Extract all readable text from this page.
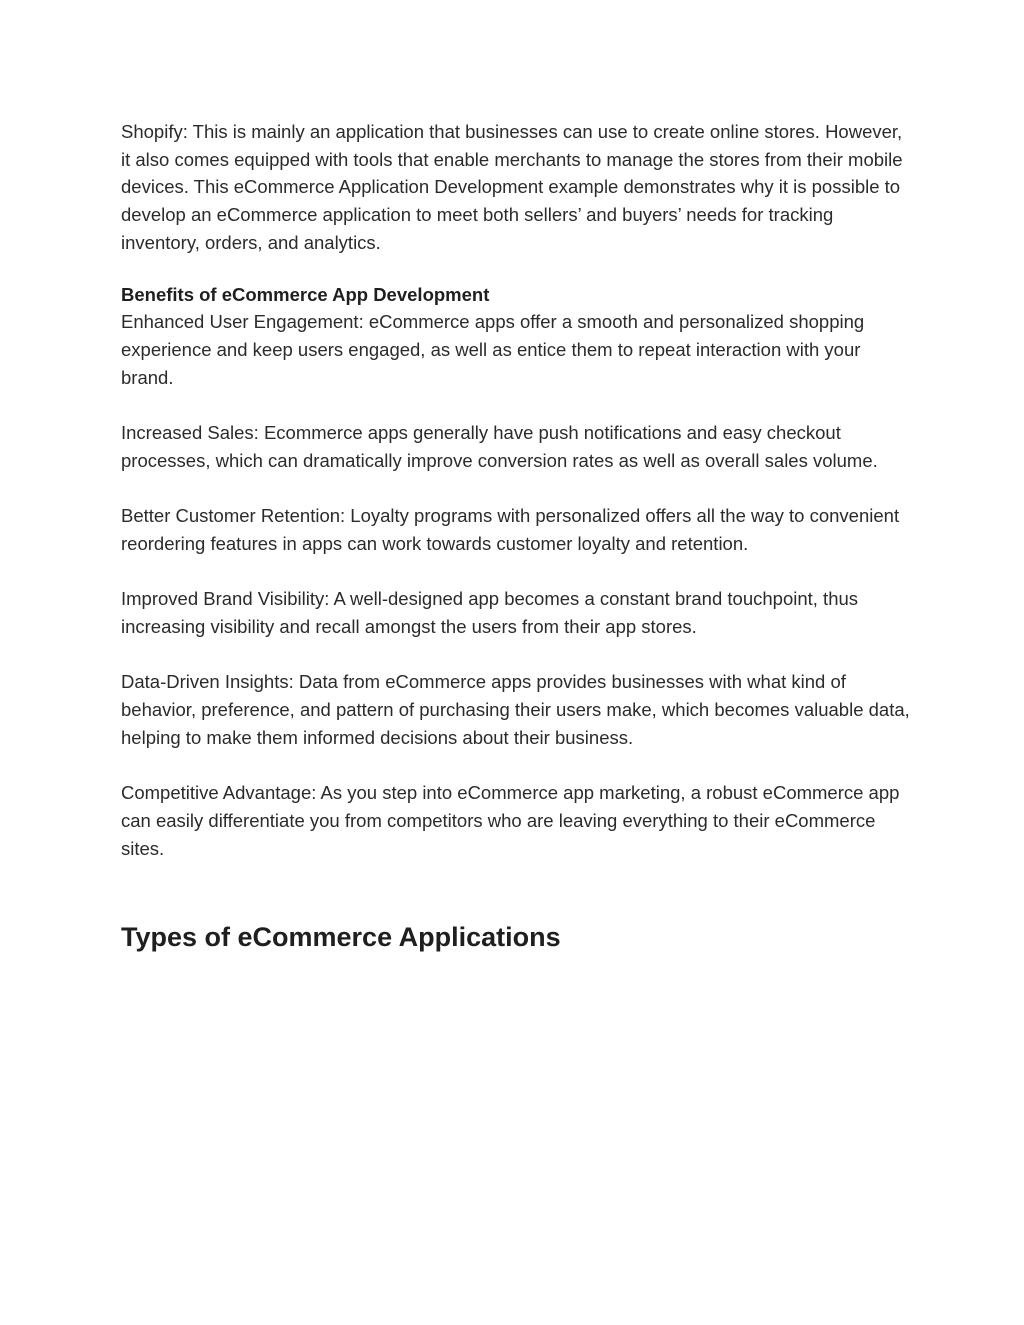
Shopify: This is mainly an application that businesses can use to create online stores. However, it also comes equipped with tools that enable merchants to manage the stores from their mobile devices. This eCommerce Application Development example demonstrates why it is possible to develop an eCommerce application to meet both sellers’ and buyers’ needs for tracking inventory, orders, and analytics.

Benefits of eCommerce App Development

Enhanced User Engagement: eCommerce apps offer a smooth and personalized shopping experience and keep users engaged, as well as entice them to repeat interaction with your brand.

Increased Sales: Ecommerce apps generally have push notifications and easy checkout processes, which can dramatically improve conversion rates as well as overall sales volume.

Better Customer Retention: Loyalty programs with personalized offers all the way to convenient reordering features in apps can work towards customer loyalty and retention.

Improved Brand Visibility: A well-designed app becomes a constant brand touchpoint, thus increasing visibility and recall amongst the users from their app stores.

Data-Driven Insights: Data from eCommerce apps provides businesses with what kind of behavior, preference, and pattern of purchasing their users make, which becomes valuable data, helping to make them informed decisions about their business.

Competitive Advantage: As you step into eCommerce app marketing, a robust eCommerce app can easily differentiate you from competitors who are leaving everything to their eCommerce sites.

Types of eCommerce Applications
